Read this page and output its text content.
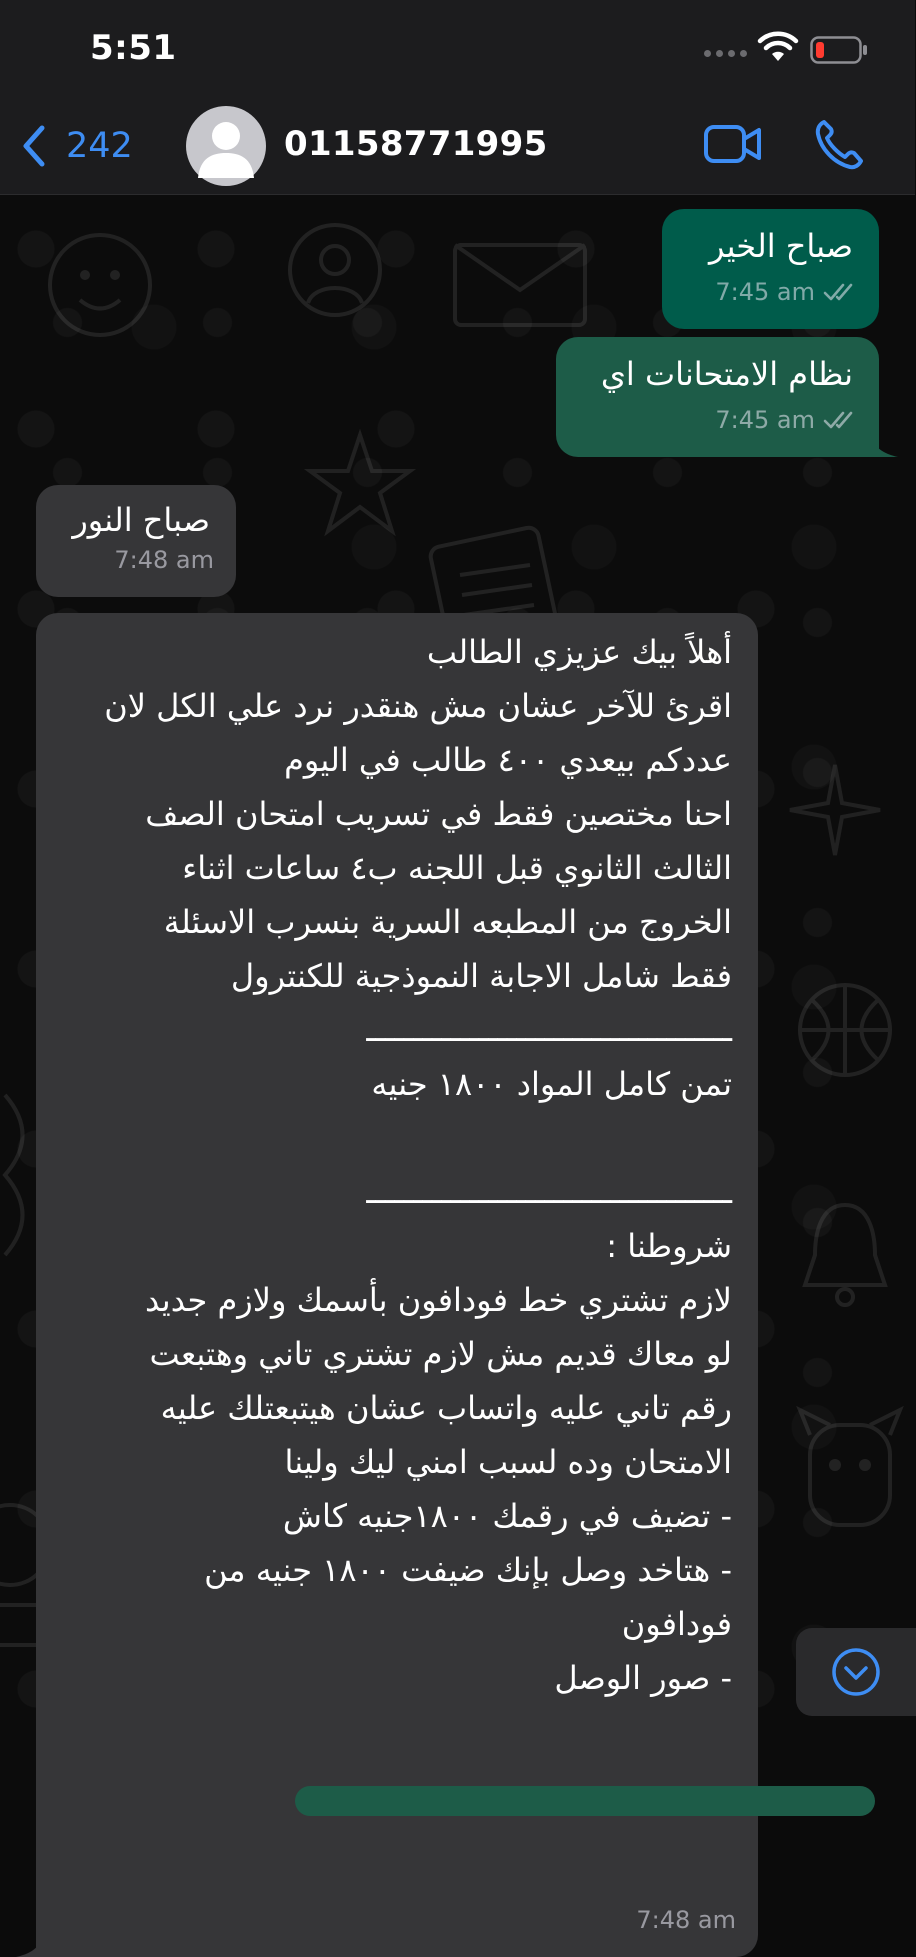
5:51
242	01158771995
صباح الخير
7:45 am
نظام الامتحانات اي
7:45 am
صباح النور
7:48 am
أهلاً بيك عزيزي الطالب
اقرئ للآخر عشان مش هنقدر نرد علي الكل لان
عددكم بيعدي ٤٠٠ طالب في اليوم
احنا مختصين فقط في تسريب امتحان الصف
الثالث الثانوي قبل اللجنه ب٤ ساعات اثناء
الخروج من المطبعه السرية بنسرب الاسئلة
فقط شامل الاجابة النموذجية للكنترول
ـــــــــــــــــــــــــــــــــــــــ
تمن كامل المواد ١٨٠٠ جنيه
ـــــــــــــــــــــــــــــــــــــــ
شروطنا :
لازم تشتري خط فودافون بأسمك ولازم جديد
لو معاك قديم مش لازم تشتري تاني وهتبعت
رقم تاني عليه واتساب عشان هيتبعتلك عليه
الامتحان وده لسبب امني ليك ولينا
- تضيف في رقمك ١٨٠٠جنيه كاش
- هتاخد وصل بإنك ضيفت ١٨٠٠ جنيه من
فودافون
- صور الوصل
7:48 am
